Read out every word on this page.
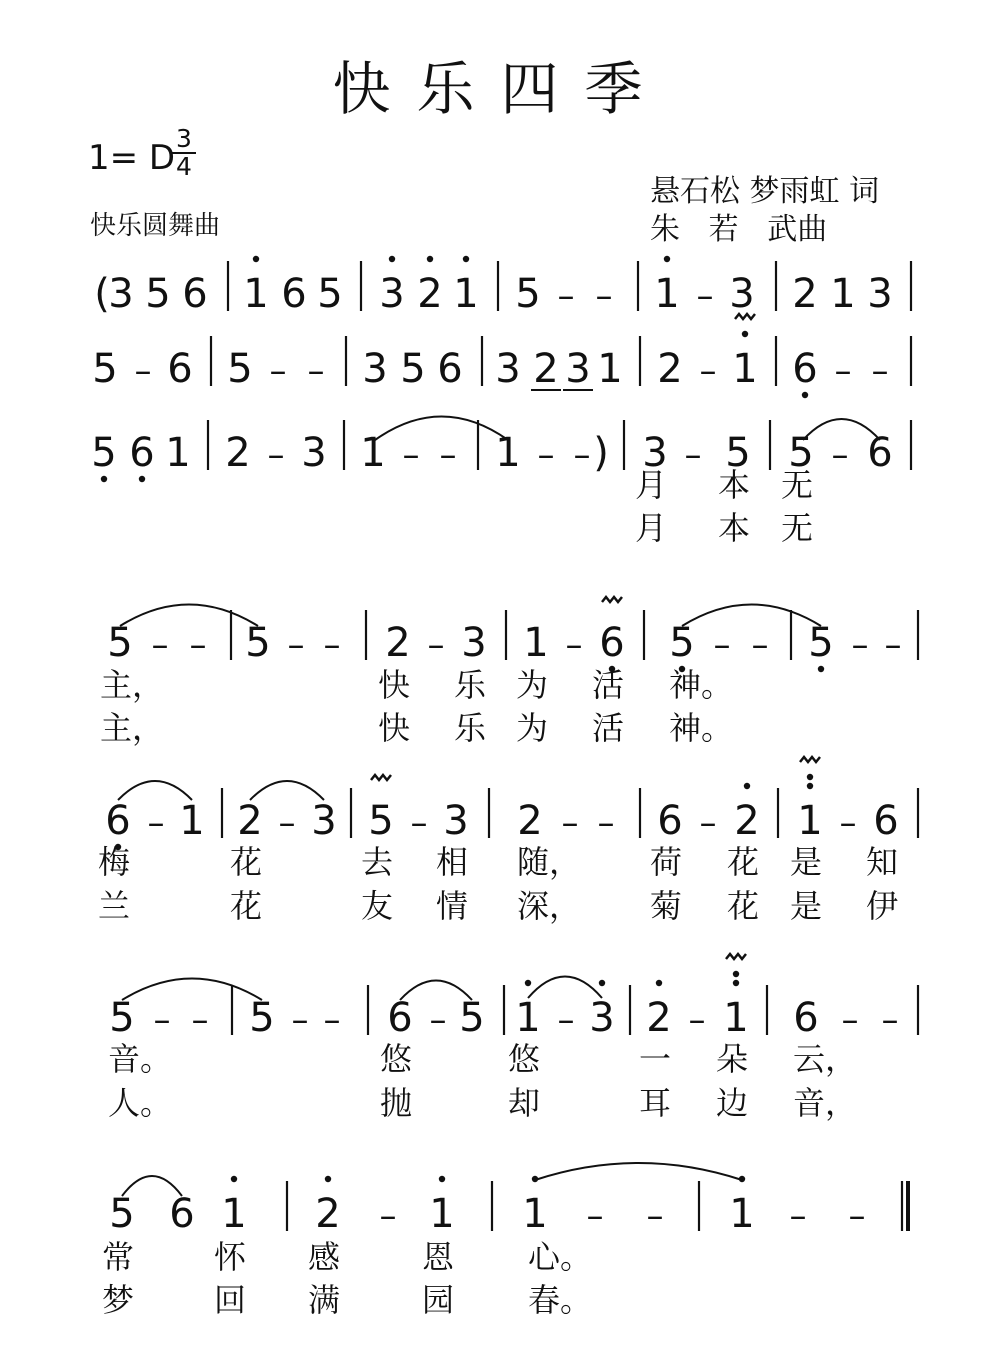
快乐四季
1= D 3
4
快乐圆舞曲
悬石松 梦雨虹 词
朱   若   武曲
(
3 5 6 1 6 5 3 2 1 5 – – 1 – 3 2 1 3
5 – 6 5 – – 3 5 6 3 2 3 1 2 – 1 6 – –
5 6 1 2 – 3 1 – – 1 – – ) 3 – 5 5 – 6
5 – – 5 – – 2 – 3 1 – 6 5 – – 5 – –
6 – 1 2 – 3 5 – 3 2 – – 6 – 2 1 – 6
5 – – 5 – – 6 – 5 1 – 3 2 – 1 6 – –
5 6 1 2 – 1 1 – – 1 – –
月 本 无
月 本 无
主，	快 乐 为 活 神。
主，	快 乐 为 活 神。
梅	花	去 相 随， 荷 花 是 知
兰	花	友 情 深， 菊 花 是 伊
音。	悠	悠	一 朵 云，
人。	抛	却	耳 边 音，
常 怀 感	恩 心。
梦 回 满	园 春。
